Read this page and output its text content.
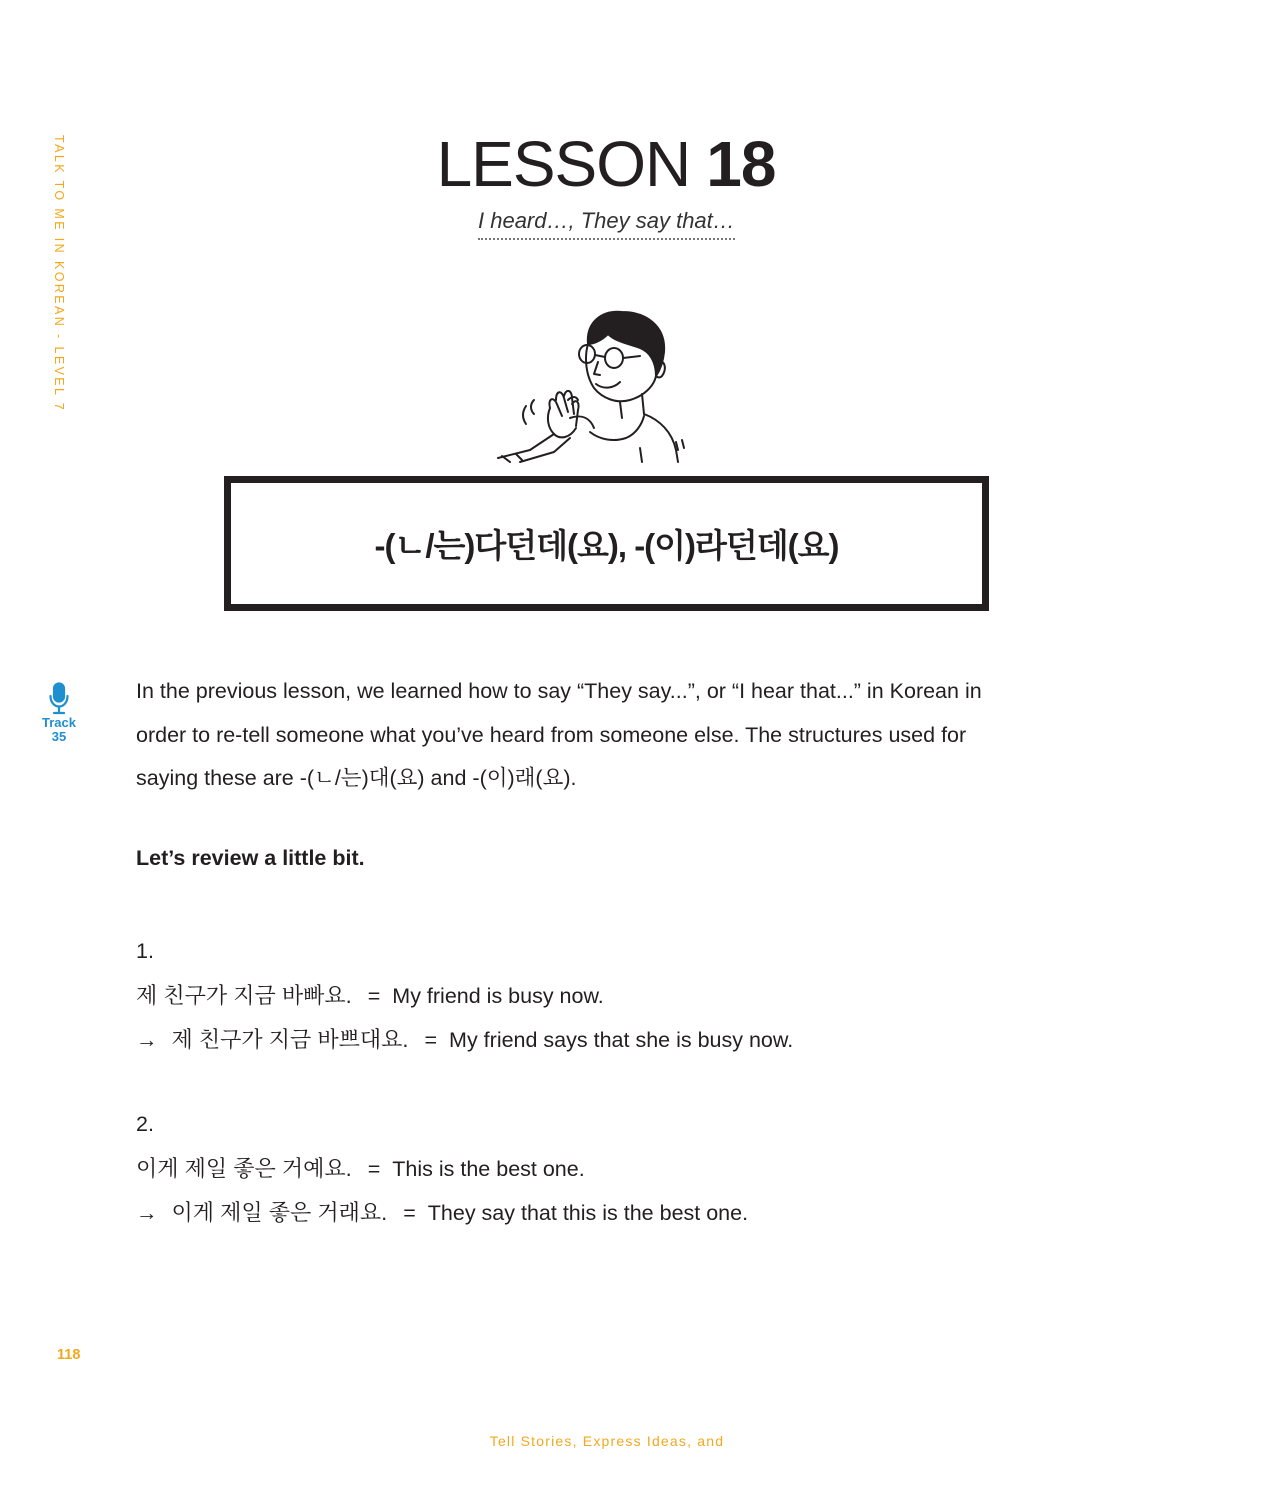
TALK TO ME IN KOREAN - LEVEL 7	LESSON 18
I heard…, They say that…
-(ㄴ/는)다던데(요), -(이)라던데(요)
Track
35

In the previous lesson, we learned how to say “They say...”, or “I hear that...” in Korean in

order to re-tell someone what you’ve heard from someone else. The structures used for

saying these are -(ㄴ/는)대(요) and -(이)래(요).

Let’s review a little bit.
1.
제 친구가 지금 바빠요. = My friend is busy now.
→ 제 친구가 지금 바쁘대요. = My friend says that she is busy now.
2.
이게 제일 좋은 거예요. = This is the best one.
→ 이게 제일 좋은 거래요. = They say that this is the best one.
118
Tell Stories, Express Ideas, and
